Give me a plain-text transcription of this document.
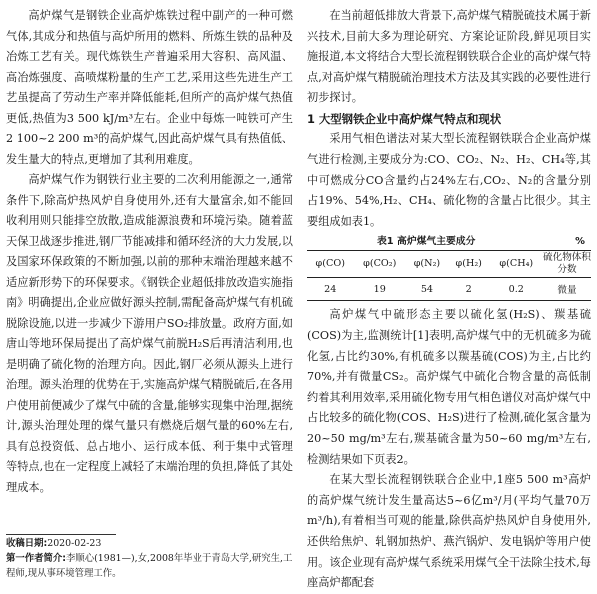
高炉煤气是钢铁企业高炉炼铁过程中副产的一种可燃气体,其成分和热值与高炉所用的燃料、所炼生铁的品种及冶炼工艺有关。现代炼铁生产普遍采用大容积、高风温、高冶炼强度、高喷煤粉量的生产工艺,采用这些先进生产工艺虽提高了劳动生产率并降低能耗,但所产的高炉煤气热值更低,热值为3 500 kJ/m³左右。企业中每炼一吨铁可产生2 100~2 200 m³的高炉煤气,因此高炉煤气具有热值低、发生量大的特点,更增加了其利用难度。

高炉煤气作为钢铁行业主要的二次利用能源之一,通常条件下,除高炉热风炉自身使用外,还有大量富余,如不能回收利用则只能排空放散,造成能源浪费和环境污染。随着蓝天保卫战逐步推进,钢厂节能减排和循环经济的大力发展,以及国家环保政策的不断加强,以前的那种末端治理越来越不适应新形势下的环保要求。《钢铁企业超低排放改造实施指南》明确提出,企业应做好源头控制,需配备高炉煤气有机硫脱除设施,以进一步减少下游用户SO₂排放量。政府方面,如唐山等地环保局提出了高炉煤气前脱H₂S后再清洁利用,也是明确了硫化物的治理方向。因此,钢厂必须从源头上进行治理。源头治理的优势在于,实施高炉煤气精脱硫后,在各用户使用前便减少了煤气中硫的含量,能够实现集中治理,据统计,源头治理处理的煤气量只有燃烧后烟气量的60%左右,具有总投资低、总占地小、运行成本低、利于集中式管理等特点,也在一定程度上减轻了末端治理的负担,降低了其处理成本。

收稿日期:2020-02-23
第一作者简介:李顺心(1981—),女,2008年毕业于青岛大学,研究生,工程师,现从事环境管理工作。

在当前超低排放大背景下,高炉煤气精脱硫技术属于新兴技术,目前大多为理论研究、方案论证阶段,鲜见项目实施报道,本文将结合大型长流程钢铁联合企业的高炉煤气特点,对高炉煤气精脱硫治理技术方法及其实践的必要性进行初步探讨。

1 大型钢铁企业中高炉煤气特点和现状

采用气相色谱法对某大型长流程钢铁联合企业高炉煤气进行检测,主要成分为:CO、CO₂、N₂、H₂、CH₄等,其中可燃成分CO含量约占24%左右,CO₂、N₂的含量分别占19%、54%,H₂、CH₄、硫化物的含量占比很少。其主要组成如表1。

表1 高炉煤气主要成分	%
φ(CO)	φ(CO₂)	φ(N₂)	φ(H₂)	φ(CH₄)	硫化物体积分数
24	19	54	2	0.2	微量

高炉煤气中硫形态主要以硫化氢(H₂S)、羰基硫(COS)为主,监测统计[1]表明,高炉煤气中的无机硫多为硫化氢,占比约30%,有机硫多以羰基硫(COS)为主,占比约70%,并有微量CS₂。高炉煤气中硫化合物含量的高低制约着其利用效率,采用硫化物专用气相色谱仪对高炉煤气中占比较多的硫化物(COS、H₂S)进行了检测,硫化氢含量为20~50 mg/m³左右,羰基硫含量为50~60 mg/m³左右,检测结果如下页表2。

在某大型长流程钢铁联合企业中,1座5 500 m³高炉的高炉煤气统计发生量高达5~6亿m³/月(平均气量70万m³/h),有着相当可观的能量,除供高炉热风炉自身使用外,还供给焦炉、轧钢加热炉、燕汽锅炉、发电锅炉等用户使用。该企业现有高炉煤气系统采用煤气全干法除尘技术,每座高炉都配套
